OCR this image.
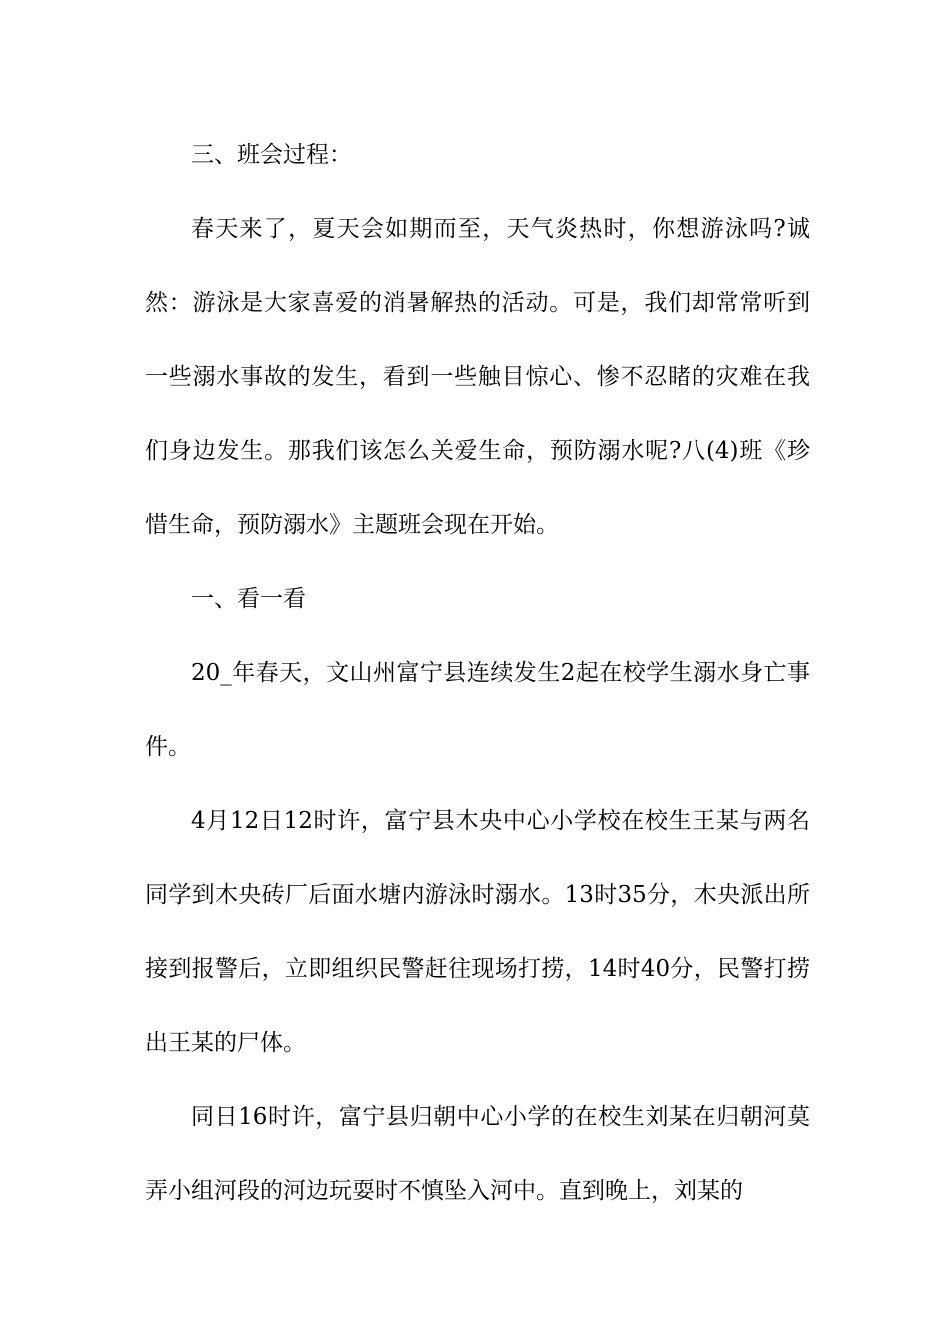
三、班会过程：

春天来了，夏天会如期而至，天气炎热时，你想游泳吗?诚然：游泳是大家喜爱的消暑解热的活动。可是，我们却常常听到一些溺水事故的发生，看到一些触目惊心、惨不忍睹的灾难在我们身边发生。那我们该怎么关爱生命，预防溺水呢?八(4)班《珍惜生命，预防溺水》主题班会现在开始。

一、看一看

20_年春天，文山州富宁县连续发生2起在校学生溺水身亡事件。

4月12日12时许，富宁县木央中心小学校在校生王某与两名同学到木央砖厂后面水塘内游泳时溺水。13时35分，木央派出所接到报警后，立即组织民警赶往现场打捞，14时40分，民警打捞出王某的尸体。

同日16时许，富宁县归朝中心小学的在校生刘某在归朝河莫弄小组河段的河边玩耍时不慎坠入河中。直到晚上，刘某的
